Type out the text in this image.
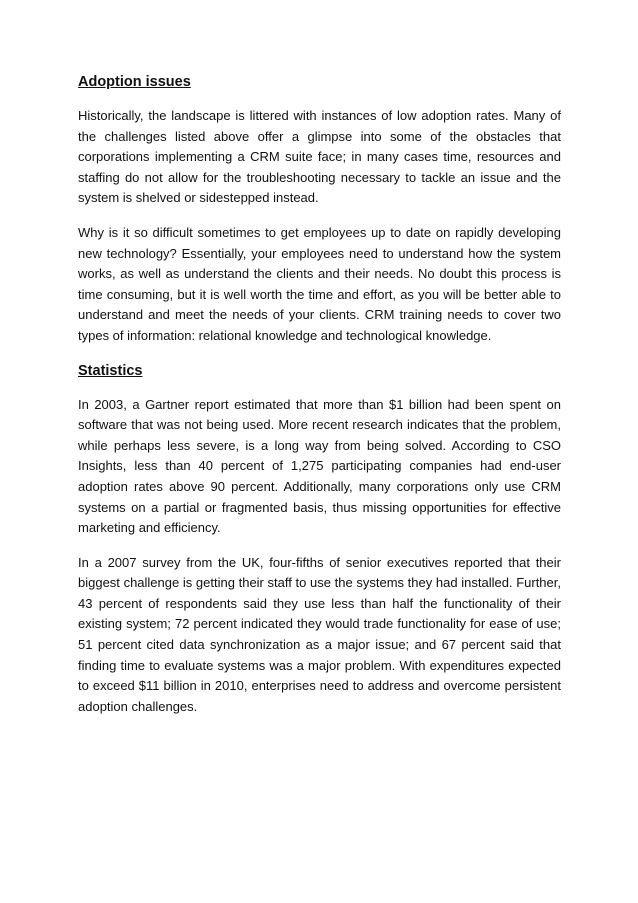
Adoption issues

Historically, the landscape is littered with instances of low adoption rates. Many of the challenges listed above offer a glimpse into some of the obstacles that corporations implementing a CRM suite face; in many cases time, resources and staffing do not allow for the troubleshooting necessary to tackle an issue and the system is shelved or sidestepped instead.

Why is it so difficult sometimes to get employees up to date on rapidly developing new technology? Essentially, your employees need to understand how the system works, as well as understand the clients and their needs. No doubt this process is time consuming, but it is well worth the time and effort, as you will be better able to understand and meet the needs of your clients. CRM training needs to cover two types of information: relational knowledge and technological knowledge.

Statistics

In 2003, a Gartner report estimated that more than $1 billion had been spent on software that was not being used. More recent research indicates that the problem, while perhaps less severe, is a long way from being solved. According to CSO Insights, less than 40 percent of 1,275 participating companies had end-user adoption rates above 90 percent. Additionally, many corporations only use CRM systems on a partial or fragmented basis, thus missing opportunities for effective marketing and efficiency.

In a 2007 survey from the UK, four-fifths of senior executives reported that their biggest challenge is getting their staff to use the systems they had installed. Further, 43 percent of respondents said they use less than half the functionality of their existing system; 72 percent indicated they would trade functionality for ease of use; 51 percent cited data synchronization as a major issue; and 67 percent said that finding time to evaluate systems was a major problem. With expenditures expected to exceed $11 billion in 2010, enterprises need to address and overcome persistent adoption challenges.
